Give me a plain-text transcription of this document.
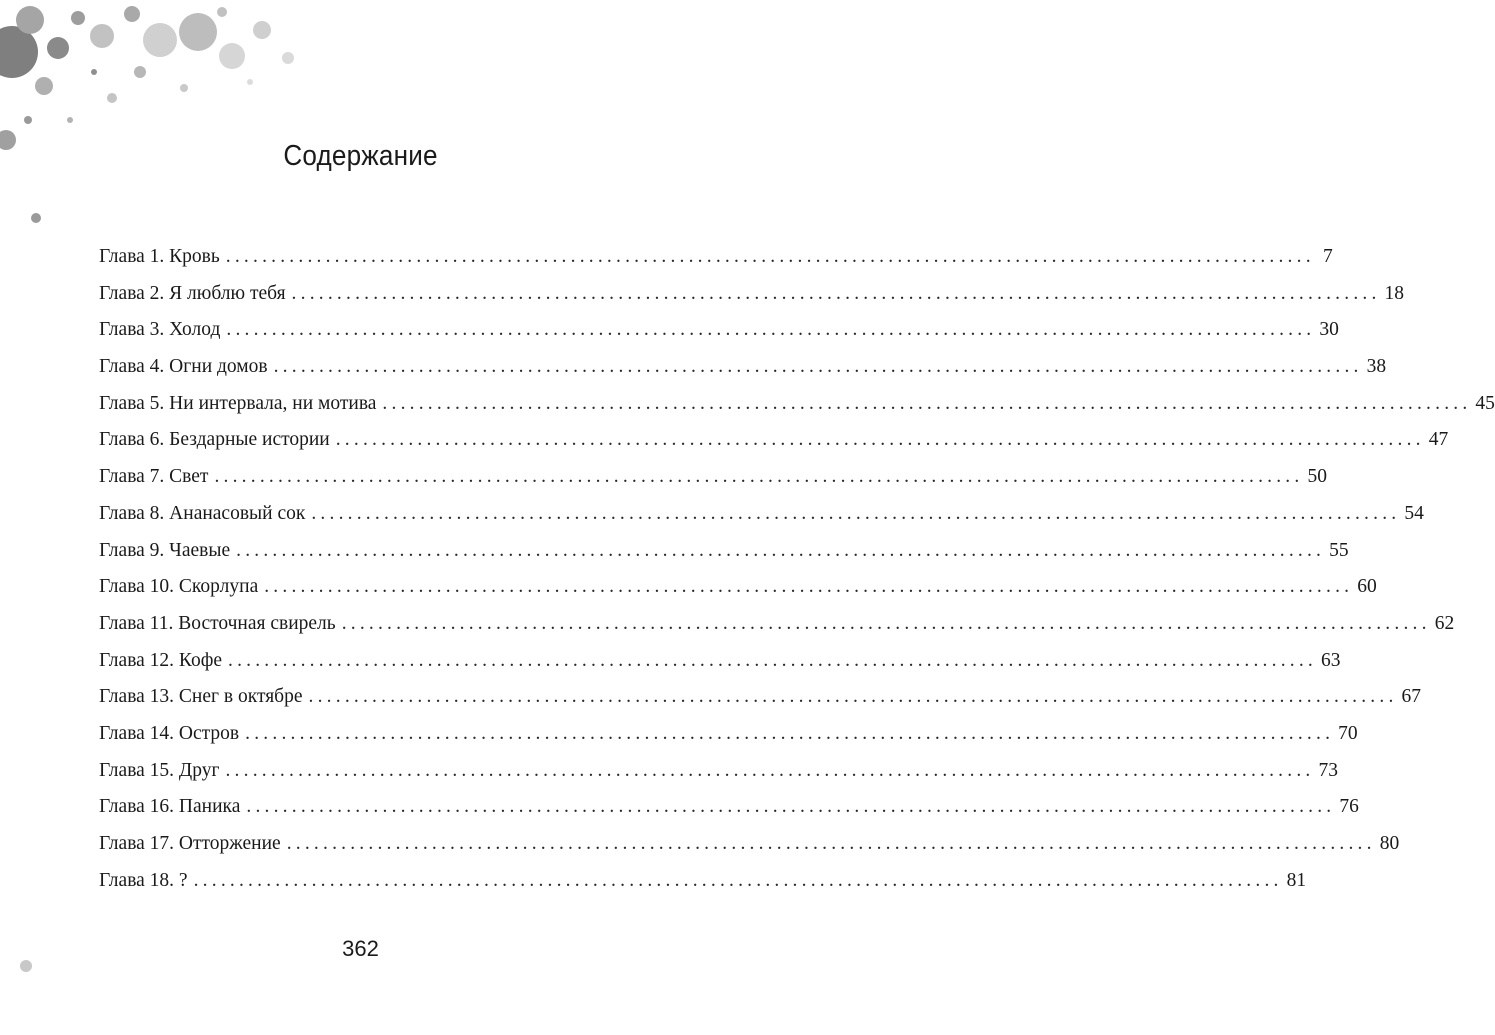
Содержание
Глава 1. Кровь ........................................................................................................................ 7
Глава 2. Я люблю тебя ........................................................................................................................ 18
Глава 3. Холод ........................................................................................................................ 30
Глава 4. Огни домов ........................................................................................................................ 38
Глава 5. Ни интервала, ни мотива ........................................................................................................................ 45
Глава 6. Бездарные истории ........................................................................................................................ 47
Глава 7. Свет ........................................................................................................................ 50
Глава 8. Ананасовый сок ........................................................................................................................ 54
Глава 9. Чаевые ........................................................................................................................ 55
Глава 10. Скорлупа ........................................................................................................................ 60
Глава 11. Восточная свирель ........................................................................................................................ 62
Глава 12. Кофе ........................................................................................................................ 63
Глава 13. Снег в октябре ........................................................................................................................ 67
Глава 14. Остров ........................................................................................................................ 70
Глава 15. Друг ........................................................................................................................ 73
Глава 16. Паника ........................................................................................................................ 76
Глава 17. Отторжение ........................................................................................................................ 80
Глава 18. ? ........................................................................................................................ 81
362
